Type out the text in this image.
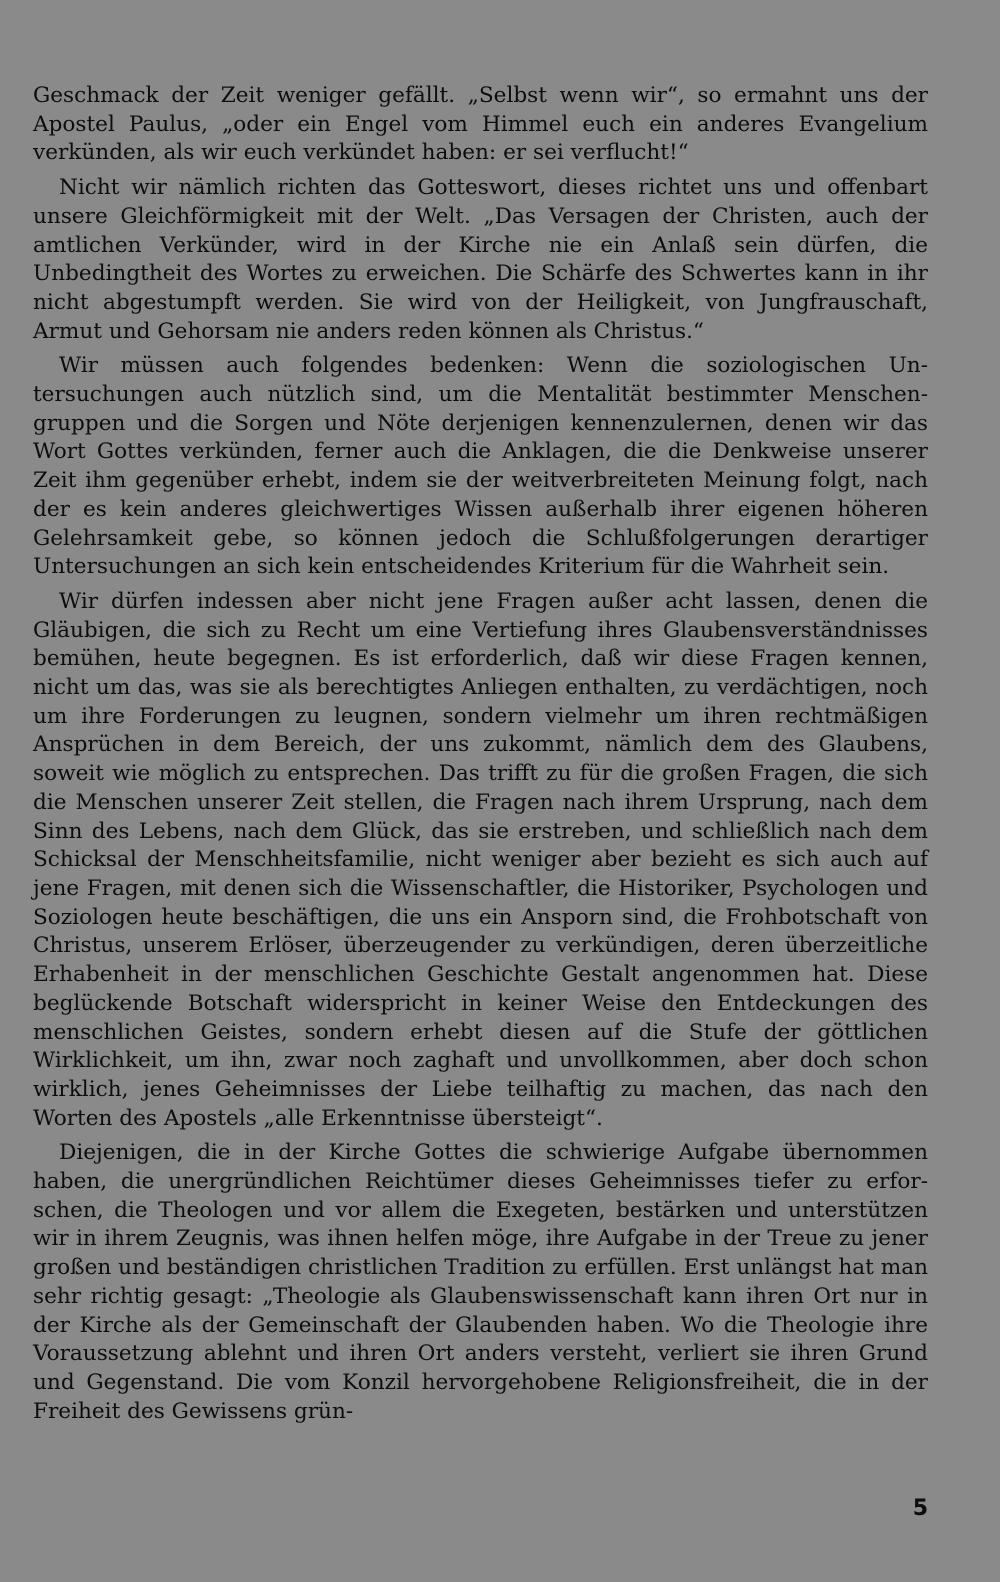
Geschmack der Zeit weniger gefällt. „Selbst wenn wir“, so ermahnt uns der Apostel Paulus, „oder ein Engel vom Himmel euch ein anderes Evangelium verkünden, als wir euch verkündet haben: er sei verflucht!“

Nicht wir nämlich richten das Gotteswort, dieses richtet uns und offenbart unsere Gleichförmigkeit mit der Welt. „Das Versagen der Christen, auch der amtlichen Verkünder, wird in der Kirche nie ein Anlaß sein dürfen, die Unbedingtheit des Wortes zu erweichen. Die Schärfe des Schwertes kann in ihr nicht abgestumpft werden. Sie wird von der Heiligkeit, von Jungfrauschaft, Armut und Gehorsam nie anders reden können als Christus.“

Wir müssen auch folgendes bedenken: Wenn die soziologischen Untersuchungen auch nützlich sind, um die Mentalität bestimmter Menschengruppen und die Sorgen und Nöte derjenigen kennenzulernen, denen wir das Wort Gottes verkünden, ferner auch die Anklagen, die die Denkweise unserer Zeit ihm gegenüber erhebt, indem sie der weitverbreiteten Meinung folgt, nach der es kein anderes gleichwertiges Wissen außerhalb ihrer eigenen höheren Gelehrsamkeit gebe, so können jedoch die Schlußfolgerungen derartiger Untersuchungen an sich kein entscheidendes Kriterium für die Wahrheit sein.

Wir dürfen indessen aber nicht jene Fragen außer acht lassen, denen die Gläubigen, die sich zu Recht um eine Vertiefung ihres Glaubensverständnisses bemühen, heute begegnen. Es ist erforderlich, daß wir diese Fragen kennen, nicht um das, was sie als berechtigtes Anliegen enthalten, zu verdächtigen, noch um ihre Forderungen zu leugnen, sondern vielmehr um ihren rechtmäßigen Ansprüchen in dem Bereich, der uns zukommt, nämlich dem des Glaubens, soweit wie möglich zu entsprechen. Das trifft zu für die großen Fragen, die sich die Menschen unserer Zeit stellen, die Fragen nach ihrem Ursprung, nach dem Sinn des Lebens, nach dem Glück, das sie erstreben, und schließlich nach dem Schicksal der Menschheitsfamilie, nicht weniger aber bezieht es sich auch auf jene Fragen, mit denen sich die Wissenschaftler, die Historiker, Psychologen und Soziologen heute beschäftigen, die uns ein Ansporn sind, die Frohbotschaft von Christus, unserem Erlöser, überzeugender zu verkündigen, deren überzeitliche Erhabenheit in der menschlichen Geschichte Gestalt angenommen hat. Diese beglückende Botschaft widerspricht in keiner Weise den Entdeckungen des menschlichen Geistes, sondern erhebt diesen auf die Stufe der göttlichen Wirklichkeit, um ihn, zwar noch zaghaft und unvollkommen, aber doch schon wirklich, jenes Geheimnisses der Liebe teilhaftig zu machen, das nach den Worten des Apostels „alle Erkenntnisse übersteigt“.

Diejenigen, die in der Kirche Gottes die schwierige Aufgabe übernommen haben, die unergründlichen Reichtümer dieses Geheimnisses tiefer zu erforschen, die Theologen und vor allem die Exegeten, bestärken und unterstützen wir in ihrem Zeugnis, was ihnen helfen möge, ihre Aufgabe in der Treue zu jener großen und beständigen christlichen Tradition zu erfüllen. Erst unlängst hat man sehr richtig gesagt: „Theologie als Glaubenswissenschaft kann ihren Ort nur in der Kirche als der Gemeinschaft der Glaubenden haben. Wo die Theologie ihre Voraussetzung ablehnt und ihren Ort anders versteht, verliert sie ihren Grund und Gegenstand. Die vom Konzil hervorgehobene Religionsfreiheit, die in der Freiheit des Gewissens grün-

5
